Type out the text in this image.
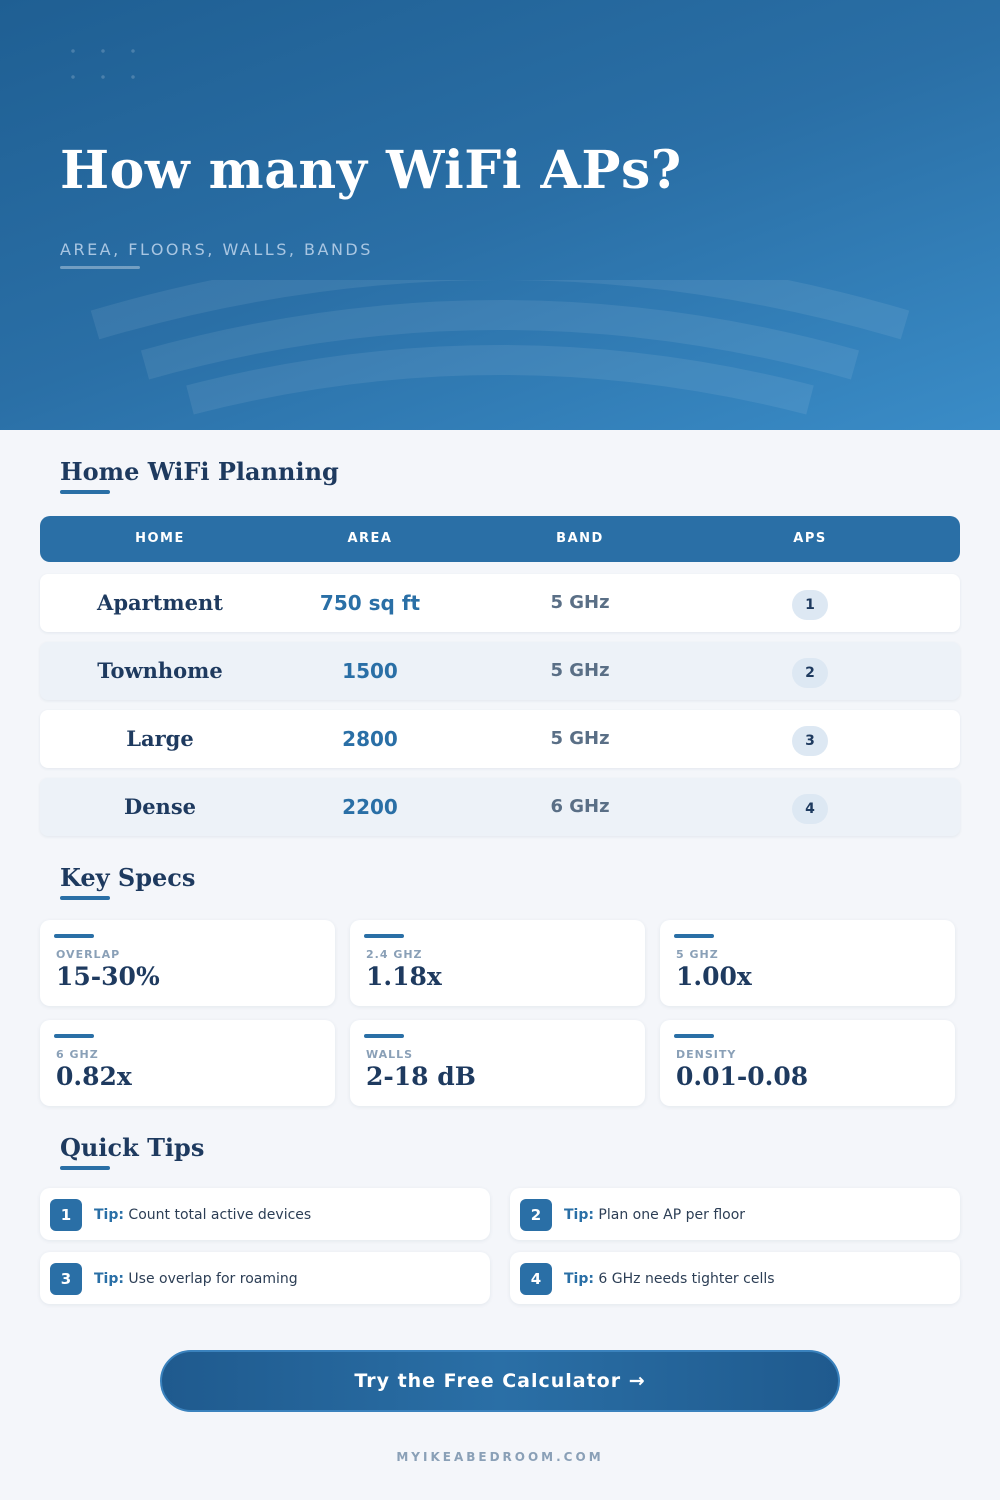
How many WiFi APs?
AREA, FLOORS, WALLS, BANDS
Home WiFi Planning
HOME	AREA	BAND	APS
Apartment	750 sq ft	5 GHz	1
Townhome	1500	5 GHz	2
Large	2800	5 GHz	3
Dense	2200	6 GHz	4
Key Specs
OVERLAP
15-30%
2.4 GHZ
1.18x
5 GHZ
1.00x
6 GHZ
0.82x
WALLS
2-18 dB
DENSITY
0.01-0.08
Quick Tips
1	Tip: Count total active devices	2	Tip: Plan one AP per floor
3	Tip: Use overlap for roaming	4	Tip: 6 GHz needs tighter cells
Try the Free Calculator →
MYIKEABEDROOM.COM
